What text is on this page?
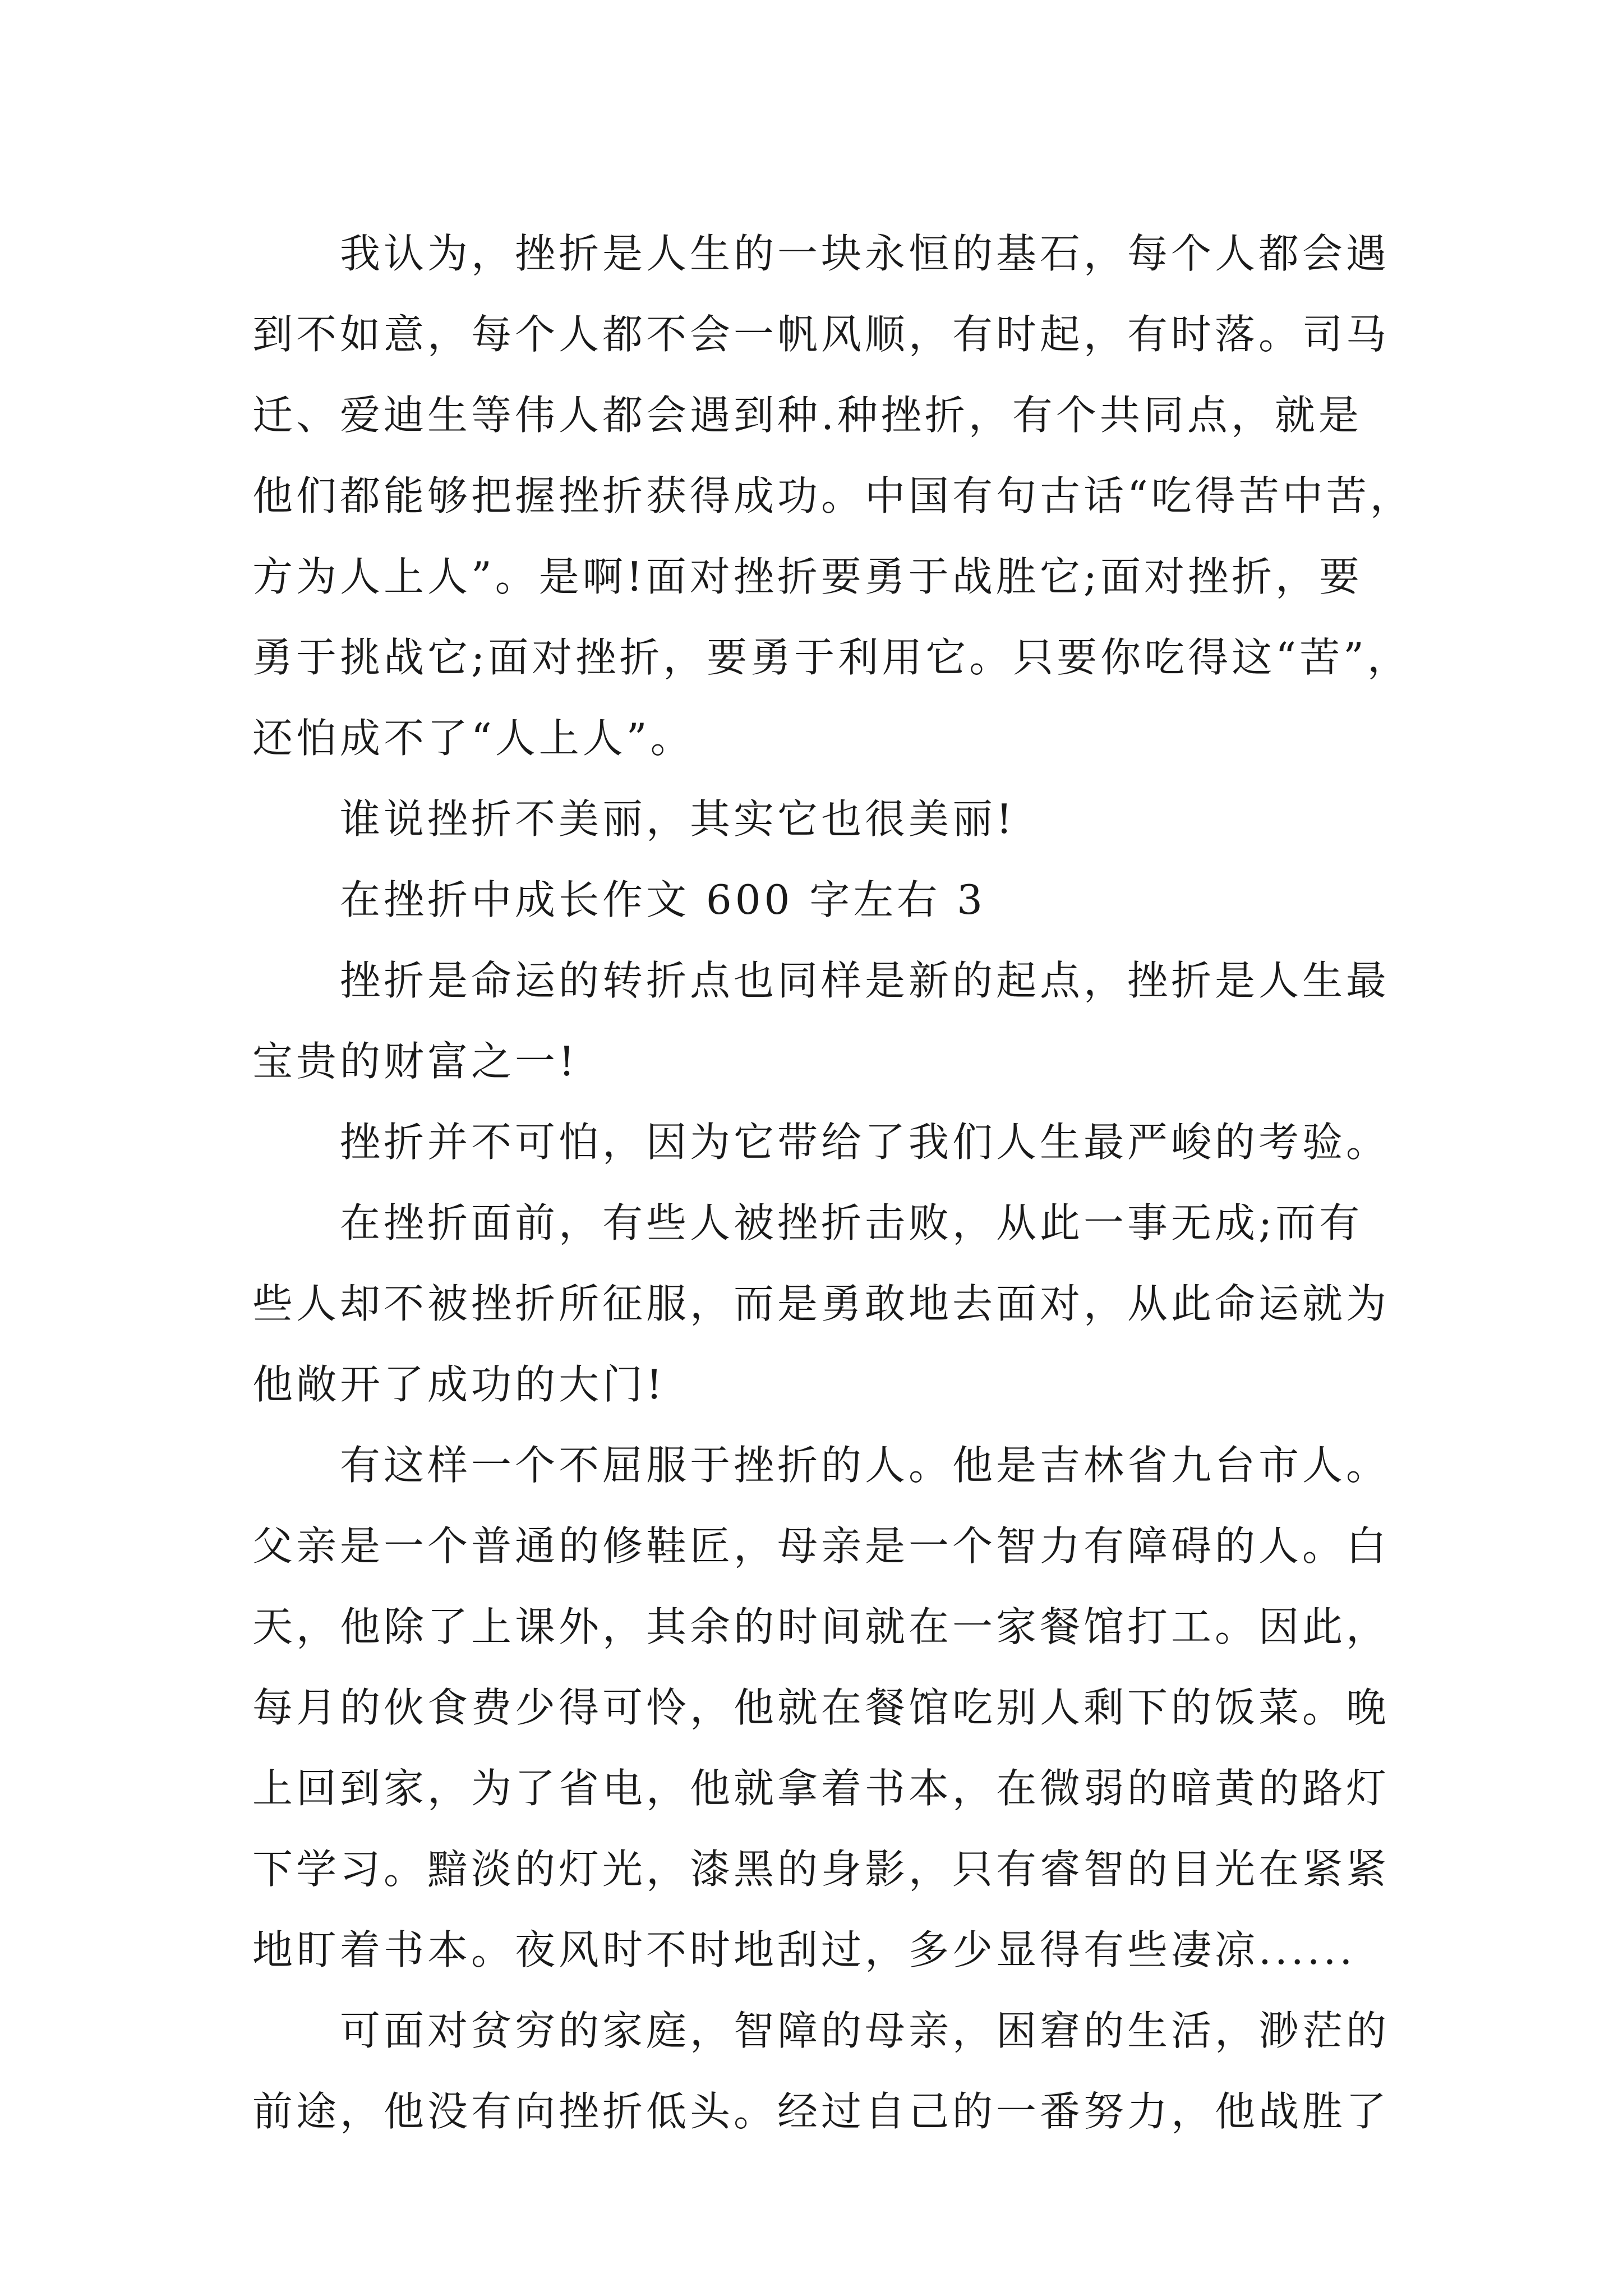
　　我认为，挫折是人生的一块永恒的基石，每个人都会遇
到不如意，每个人都不会一帆风顺，有时起，有时落。司马
迁、爱迪生等伟人都会遇到种.种挫折，有个共同点，就是
他们都能够把握挫折获得成功。中国有句古话“吃得苦中苦，
方为人上人”。是啊!面对挫折要勇于战胜它;面对挫折，要
勇于挑战它;面对挫折，要勇于利用它。只要你吃得这“苦”，
还怕成不了“人上人”。
　　谁说挫折不美丽，其实它也很美丽!
　　在挫折中成长作文 600 字左右 3
　　挫折是命运的转折点也同样是新的起点，挫折是人生最
宝贵的财富之一!
　　挫折并不可怕，因为它带给了我们人生最严峻的考验。
　　在挫折面前，有些人被挫折击败，从此一事无成;而有
些人却不被挫折所征服，而是勇敢地去面对，从此命运就为
他敞开了成功的大门!
　　有这样一个不屈服于挫折的人。他是吉林省九台市人。
父亲是一个普通的修鞋匠，母亲是一个智力有障碍的人。白
天，他除了上课外，其余的时间就在一家餐馆打工。因此，
每月的伙食费少得可怜，他就在餐馆吃别人剩下的饭菜。晚
上回到家，为了省电，他就拿着书本，在微弱的暗黄的路灯
下学习。黯淡的灯光，漆黑的身影，只有睿智的目光在紧紧
地盯着书本。夜风时不时地刮过，多少显得有些凄凉......
　　可面对贫穷的家庭，智障的母亲，困窘的生活，渺茫的
前途，他没有向挫折低头。经过自己的一番努力，他战胜了
